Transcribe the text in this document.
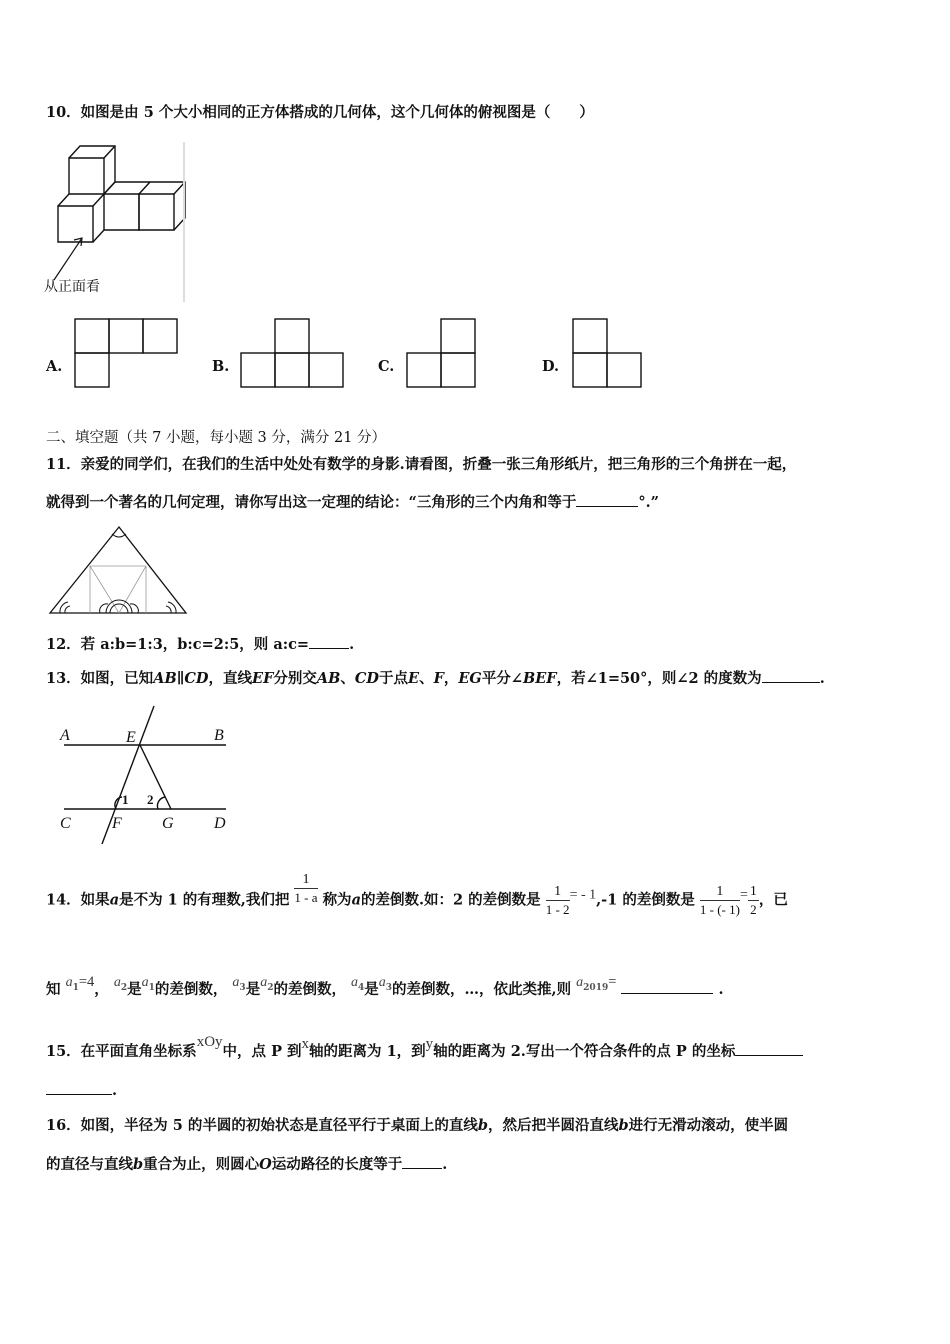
10．如图是由 5 个大小相同的正方体搭成的几何体，这个几何体的俯视图是（　　）
从正面看
A.	B.	C.	D.
二、填空题（共 7 小题，每小题 3 分，满分 21 分）
11．亲爱的同学们，在我们的生活中处处有数学的身影.请看图，折叠一张三角形纸片，把三角形的三个角拼在一起，
就得到一个著名的几何定理，请你写出这一定理的结论：“三角形的三个内角和等于	°.”
12．若 a:b=1:3，b:c=2:5，则 a:c=	.
13．如图，已知AB∥CD，直线EF分别交AB、CD于点E、F，EG平分∠BEF，若∠1=50°，则∠2 的度数为	.
A	E	B
C	F	G	D
1 2
14．如果a是不为 1 的有理数,我们把 $\frac{1}{1 - a}$ 称为a的差倒数.如：2 的差倒数是 $\frac{1}{1 - 2}$ = - 1,-1 的差倒数是 $\frac{1}{1 - (- 1)} = \frac{1}{2}$ ，已
知 $a_1=4$， $a_2$是$a_1$的差倒数， $a_3$是$a_2$的差倒数， $a_4$是$a_3$的差倒数，…，依此类推,则 $a_{2019}=$	.
15．在平面直角坐标系xOy中，点 P 到x轴的距离为 1，到y轴的距离为 2.写出一个符合条件的点 P 的坐标
.
16．如图，半径为 5 的半圆的初始状态是直径平行于桌面上的直线b，然后把半圆沿直线b进行无滑动滚动，使半圆
的直径与直线b重合为止，则圆心O运动路径的长度等于	.
